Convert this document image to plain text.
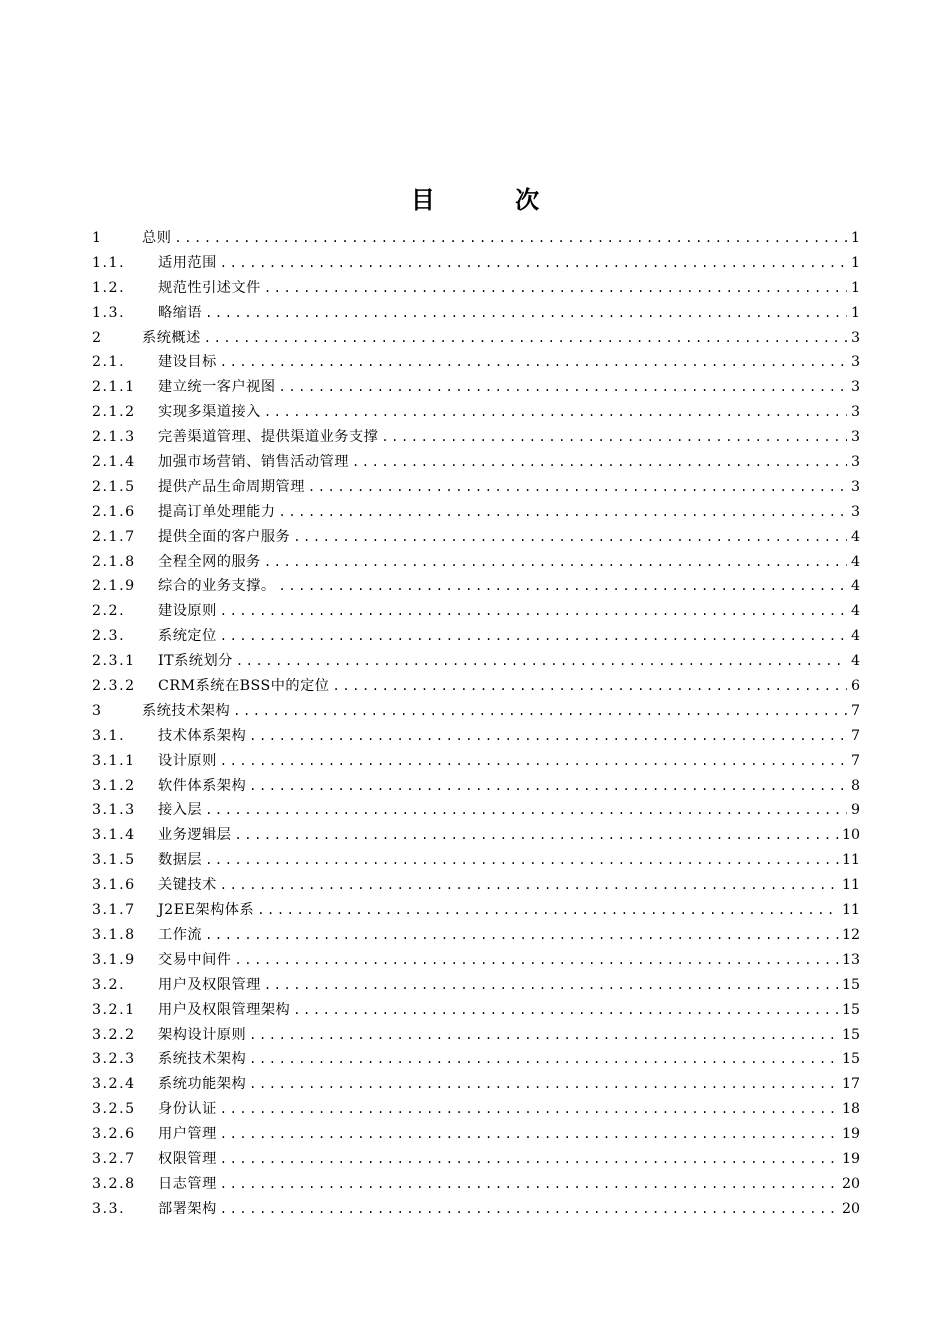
目 次
1	总则 .....	1
1.1.	适用范围 .....	1
1.2.	规范性引述文件 .....	1
1.3.	略缩语 .....	1
2	系统概述 .....	3
2.1.	建设目标 .....	3
2.1.1	建立统一客户视图 .....	3
2.1.2	实现多渠道接入 .....	3
2.1.3	完善渠道管理、提供渠道业务支撑 .....	3
2.1.4	加强市场营销、销售活动管理 .....	3
2.1.5	提供产品生命周期管理 .....	3
2.1.6	提高订单处理能力 .....	3
2.1.7	提供全面的客户服务 .....	4
2.1.8	全程全网的服务 .....	4
2.1.9	综合的业务支撑。 .....	4
2.2.	建设原则 .....	4
2.3.	系统定位 .....	4
2.3.1	IT系统划分 .....	4
2.3.2	CRM系统在BSS中的定位 .....	6
3	系统技术架构 .....	7
3.1.	技术体系架构 .....	7
3.1.1	设计原则 .....	7
3.1.2	软件体系架构 .....	8
3.1.3	接入层 .....	9
3.1.4	业务逻辑层 .....	10
3.1.5	数据层 .....	11
3.1.6	关键技术 .....	11
3.1.7	J2EE架构体系 .....	11
3.1.8	工作流 .....	12
3.1.9	交易中间件 .....	13
3.2.	用户及权限管理 .....	15
3.2.1	用户及权限管理架构 .....	15
3.2.2	架构设计原则 .....	15
3.2.3	系统技术架构 .....	15
3.2.4	系统功能架构 .....	17
3.2.5	身份认证 .....	18
3.2.6	用户管理 .....	19
3.2.7	权限管理 .....	19
3.2.8	日志管理 .....	20
3.3.	部署架构 .....	20
